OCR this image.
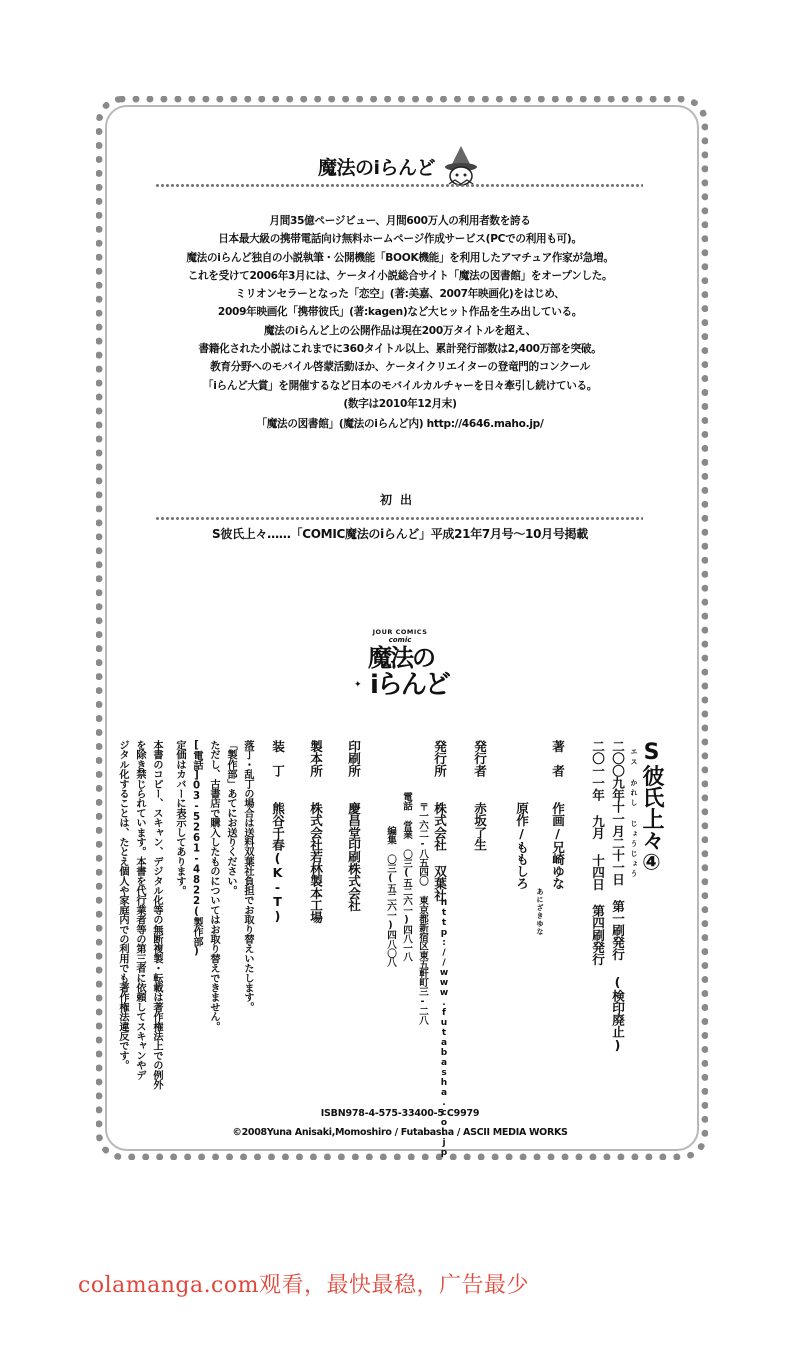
魔法のiらんど
月間35億ページビュー、月間600万人の利用者数を誇る
日本最大級の携帯電話向け無料ホームページ作成サービス(PCでの利用も可)。
魔法のiらんど独自の小説執筆・公開機能「BOOK機能」を利用したアマチュア作家が急増。
これを受けて2006年3月には、ケータイ小説総合サイト「魔法の図書館」をオープンした。
ミリオンセラーとなった「恋空」(著:美嘉、2007年映画化)をはじめ、
2009年映画化「携帯彼氏」(著:kagen)など大ヒット作品を生み出している。
魔法のiらんど上の公開作品は現在200万タイトルを超え、
書籍化された小説はこれまでに360タイトル以上、累計発行部数は2,400万部を突破。
教育分野へのモバイル啓蒙活動ほか、ケータイクリエイターの登竜門的コンクール
「iらんど大賞」を開催するなど日本のモバイルカルチャーを日々牽引し続けている。
(数字は2010年12月末)
「魔法の図書館」(魔法のiらんど内) http://4646.maho.jp/
初出
S彼氏上々……「COMIC魔法のiらんど」平成21年7月号〜10月号掲載
JOUR COMICS
comic
魔法の
iらんど
✦
S彼氏上々④
エス かれし じょうじょう
二〇〇九年十一月二十一日 第一刷発行 (検印廃止)
二〇一一年 九月 十四日 第四刷発行
著　者
作画/兄崎ゆな
あにざきゆな
原作/ももしろ
発行者
赤坂了生
発行所
株式会社 双葉社
http://www.futabasha.co.jp
〒一六二-八五四〇 東京都新宿区東五軒町三-二八
電話 営業 〇三(五二六一)四八一八
編集 〇三(五二六一)四八〇八
印刷所
慶昌堂印刷株式会社
製本所
株式会社若林製本工場
装　丁
熊谷千春(K-T)
落丁・乱丁の場合は送料双葉社負担でお取り替えいたします。
「製作部」あてにお送りください。
ただし、古書店で購入したものについてはお取り替えできません。
[電話]03-5261-4822(製作部)
定価はカバーに表示してあります。
本書のコピー、スキャン、デジタル化等の無断複製・転載は著作権法上での例外
を除き禁じられています。本書を代行業者等の第三者に依頼してスキャンやデ
ジタル化することは、たとえ個人や家庭内での利用でも著作権法違反です。
ISBN978-4-575-33400-5 C9979
©2008Yuna Anisaki,Momoshiro / Futabasha / ASCII MEDIA WORKS
colamanga.com观看，最快最稳，广告最少
